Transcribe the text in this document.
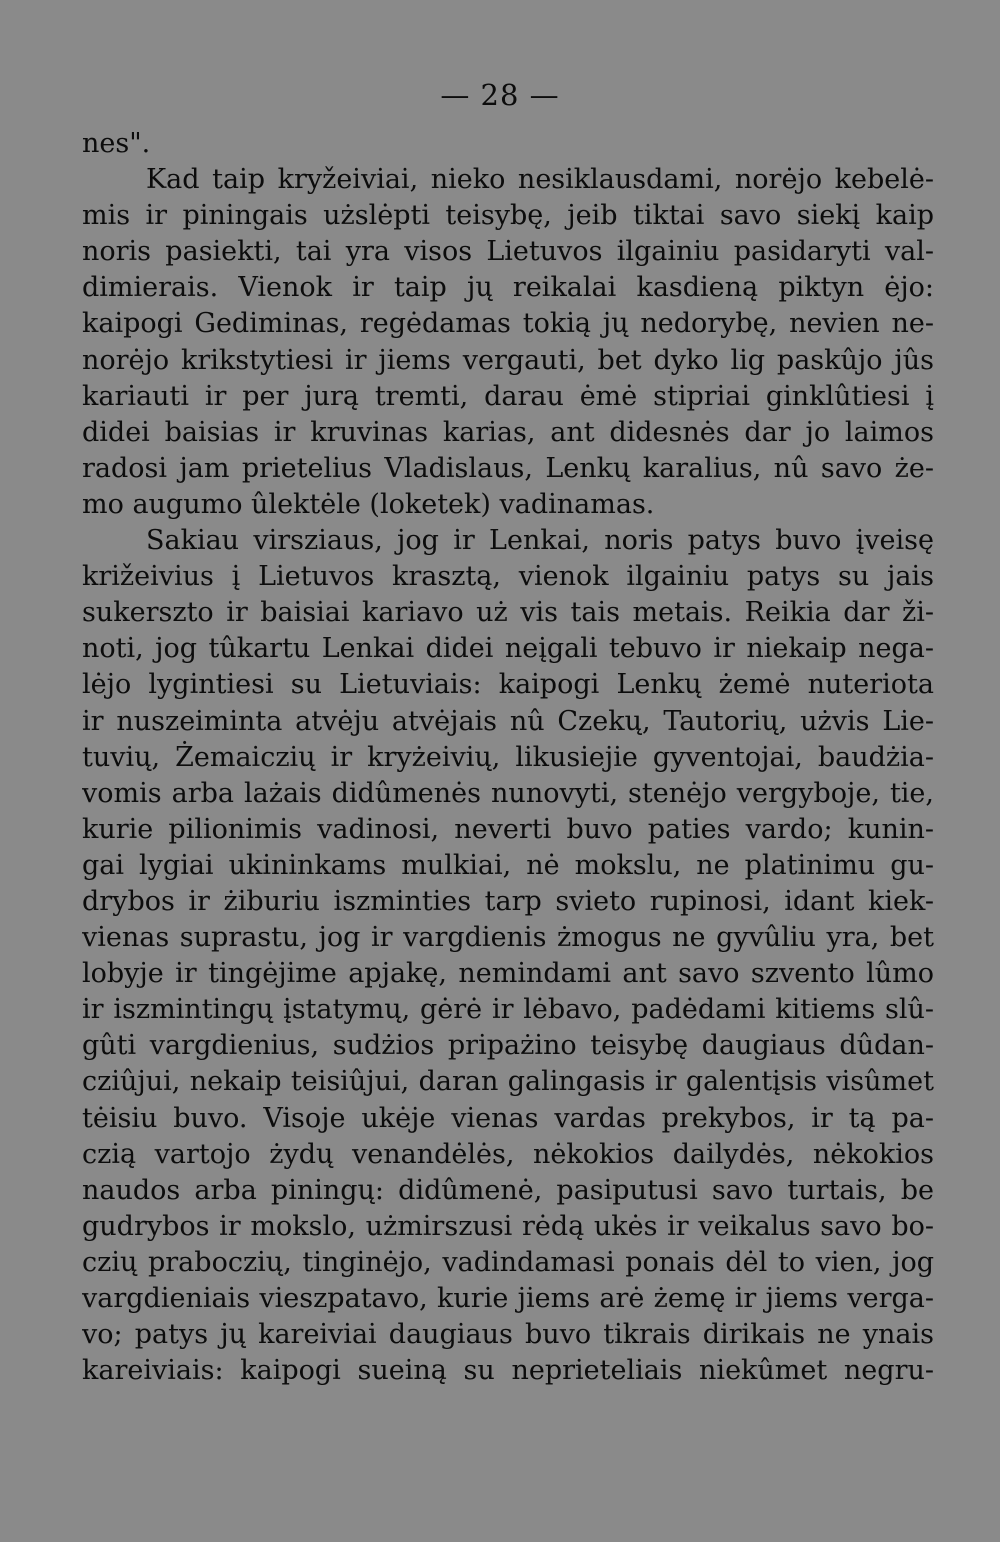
— 28 —
nes".
Kad taip kryžeiviai, nieko nesiklausdami, norėjo kebelė-
mis ir piningais użslėpti teisybę, jeib tiktai savo siekį kaip
noris pasiekti, tai yra visos Lietuvos ilgainiu pasidaryti val-
dimierais. Vienok ir taip jų reikalai kasdieną piktyn ėjo:
kaipogi Gediminas, regėdamas tokią jų nedorybę, nevien ne-
norėjo krikstytiesi ir jiems vergauti, bet dyko lig paskûjo jûs
kariauti ir per jurą tremti, darau ėmė stipriai ginklûtiesi į
didei baisias ir kruvinas karias, ant didesnės dar jo laimos
radosi jam prietelius Vladislaus, Lenkų karalius, nû savo że-
mo augumo ûlektėle (loketek) vadinamas.
Sakiau virsziaus, jog ir Lenkai, noris patys buvo įveisę
križeivius į Lietuvos krasztą, vienok ilgainiu patys su jais
sukerszto ir baisiai kariavo uż vis tais metais. Reikia dar ži-
noti, jog tûkartu Lenkai didei neįgali tebuvo ir niekaip nega-
lėjo lygintiesi su Lietuviais: kaipogi Lenkų żemė nuteriota
ir nuszeiminta atvėju atvėjais nû Czekų, Tautorių, użvis Lie-
tuvių, Żemaiczių ir kryżeivių, likusiejie gyventojai, baudżia-
vomis arba lażais didûmenės nunovyti, stenėjo vergyboje, tie,
kurie pilionimis vadinosi, neverti buvo paties vardo; kunin-
gai lygiai ukininkams mulkiai, nė mokslu, ne platinimu gu-
drybos ir żiburiu iszminties tarp svieto rupinosi, idant kiek-
vienas suprastu, jog ir vargdienis żmogus ne gyvûliu yra, bet
lobyje ir tingėjime apjakę, nemindami ant savo szvento lûmo
ir iszmintingų įstatymų, gėrė ir lėbavo, padėdami kitiems slû-
gûti vargdienius, sudżios pripażino teisybę daugiaus dûdan-
cziûjui, nekaip teisiûjui, daran galingasis ir galentįsis visûmet
tėisiu buvo. Visoje ukėje vienas vardas prekybos, ir tą pa-
czią vartojo żydų venandėlės, nėkokios dailydės, nėkokios
naudos arba piningų: didûmenė, pasiputusi savo turtais, be
gudrybos ir mokslo, użmirszusi rėdą ukės ir veikalus savo bo-
czių praboczių, tinginėjo, vadindamasi ponais dėl to vien, jog
vargdieniais vieszpatavo, kurie jiems arė żemę ir jiems verga-
vo; patys jų kareiviai daugiaus buvo tikrais dirikais ne ynais
kareiviais: kaipogi sueiną su neprieteliais niekûmet negru-
